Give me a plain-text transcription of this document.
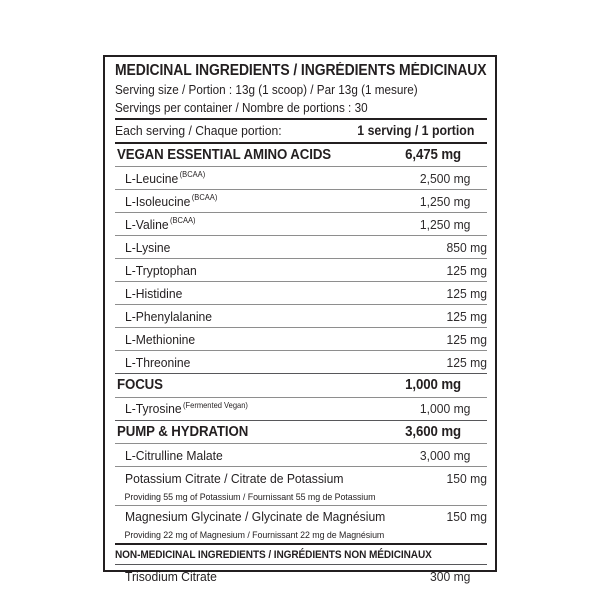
MEDICINAL INGREDIENTS / INGRÉDIENTS MÉDICINAUX
Serving size / Portion : 13g (1 scoop) / Par 13g (1 mesure)
Servings per container / Nombre de portions : 30
Each serving / Chaque portion:	1 serving / 1 portion
VEGAN ESSENTIAL AMINO ACIDS	6,475 mg
L-Leucine$^{(BCAA)}$	2,500 mg
L-Isoleucine$^{(BCAA)}$	1,250 mg
L-Valine$^{(BCAA)}$	1,250 mg
L-Lysine	850 mg
L-Tryptophan	125 mg
L-Histidine	125 mg
L-Phenylalanine	125 mg
L-Methionine	125 mg
L-Threonine	125 mg
FOCUS	1,000 mg
L-Tyrosine$^{(Fermented Vegan)}$	1,000 mg
PUMP & HYDRATION	3,600 mg
L-Citrulline Malate	3,000 mg
Potassium Citrate / Citrate de Potassium	150 mg
Providing 55 mg of Potassium / Fournissant 55 mg de Potassium
Magnesium Glycinate / Glycinate de Magnésium	150 mg
Providing 22 mg of Magnesium / Fournissant 22 mg de Magnésium
NON-MEDICINAL INGREDIENTS / INGRÉDIENTS NON MÉDICINAUX
Trisodium Citrate	300 mg
